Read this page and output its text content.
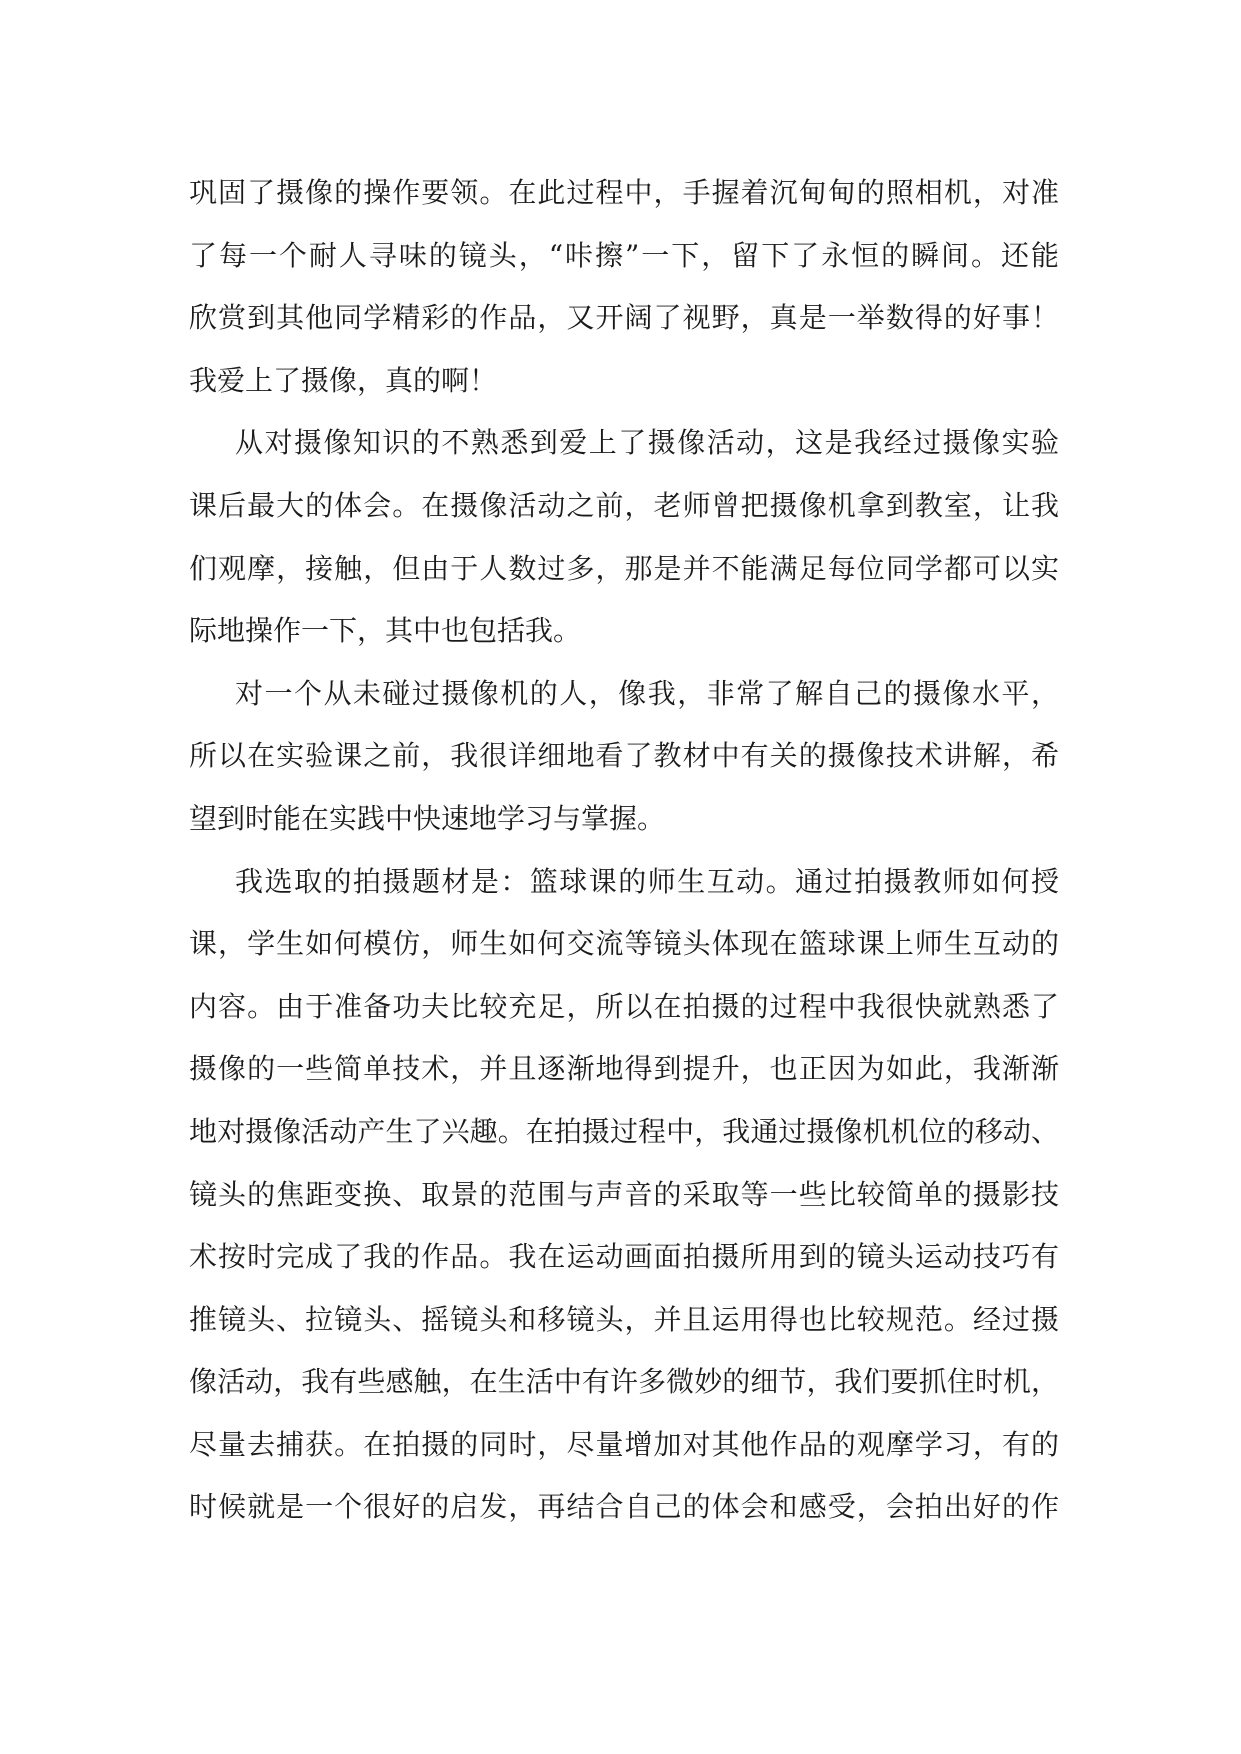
巩固了摄像的操作要领。在此过程中，手握着沉甸甸的照相机，对准
了每一个耐人寻味的镜头，“咔擦”一下，留下了永恒的瞬间。还能
欣赏到其他同学精彩的作品，又开阔了视野，真是一举数得的好事！
我爱上了摄像，真的啊！
从对摄像知识的不熟悉到爱上了摄像活动，这是我经过摄像实验
课后最大的体会。在摄像活动之前，老师曾把摄像机拿到教室，让我
们观摩，接触，但由于人数过多，那是并不能满足每位同学都可以实
际地操作一下，其中也包括我。
对一个从未碰过摄像机的人，像我，非常了解自己的摄像水平，
所以在实验课之前，我很详细地看了教材中有关的摄像技术讲解，希
望到时能在实践中快速地学习与掌握。
我选取的拍摄题材是：篮球课的师生互动。通过拍摄教师如何授
课，学生如何模仿，师生如何交流等镜头体现在篮球课上师生互动的
内容。由于准备功夫比较充足，所以在拍摄的过程中我很快就熟悉了
摄像的一些简单技术，并且逐渐地得到提升，也正因为如此，我渐渐
地对摄像活动产生了兴趣。在拍摄过程中，我通过摄像机机位的移动、
镜头的焦距变换、取景的范围与声音的采取等一些比较简单的摄影技
术按时完成了我的作品。我在运动画面拍摄所用到的镜头运动技巧有
推镜头、拉镜头、摇镜头和移镜头，并且运用得也比较规范。经过摄
像活动，我有些感触，在生活中有许多微妙的细节，我们要抓住时机，
尽量去捕获。在拍摄的同时，尽量增加对其他作品的观摩学习，有的
时候就是一个很好的启发，再结合自己的体会和感受，会拍出好的作
